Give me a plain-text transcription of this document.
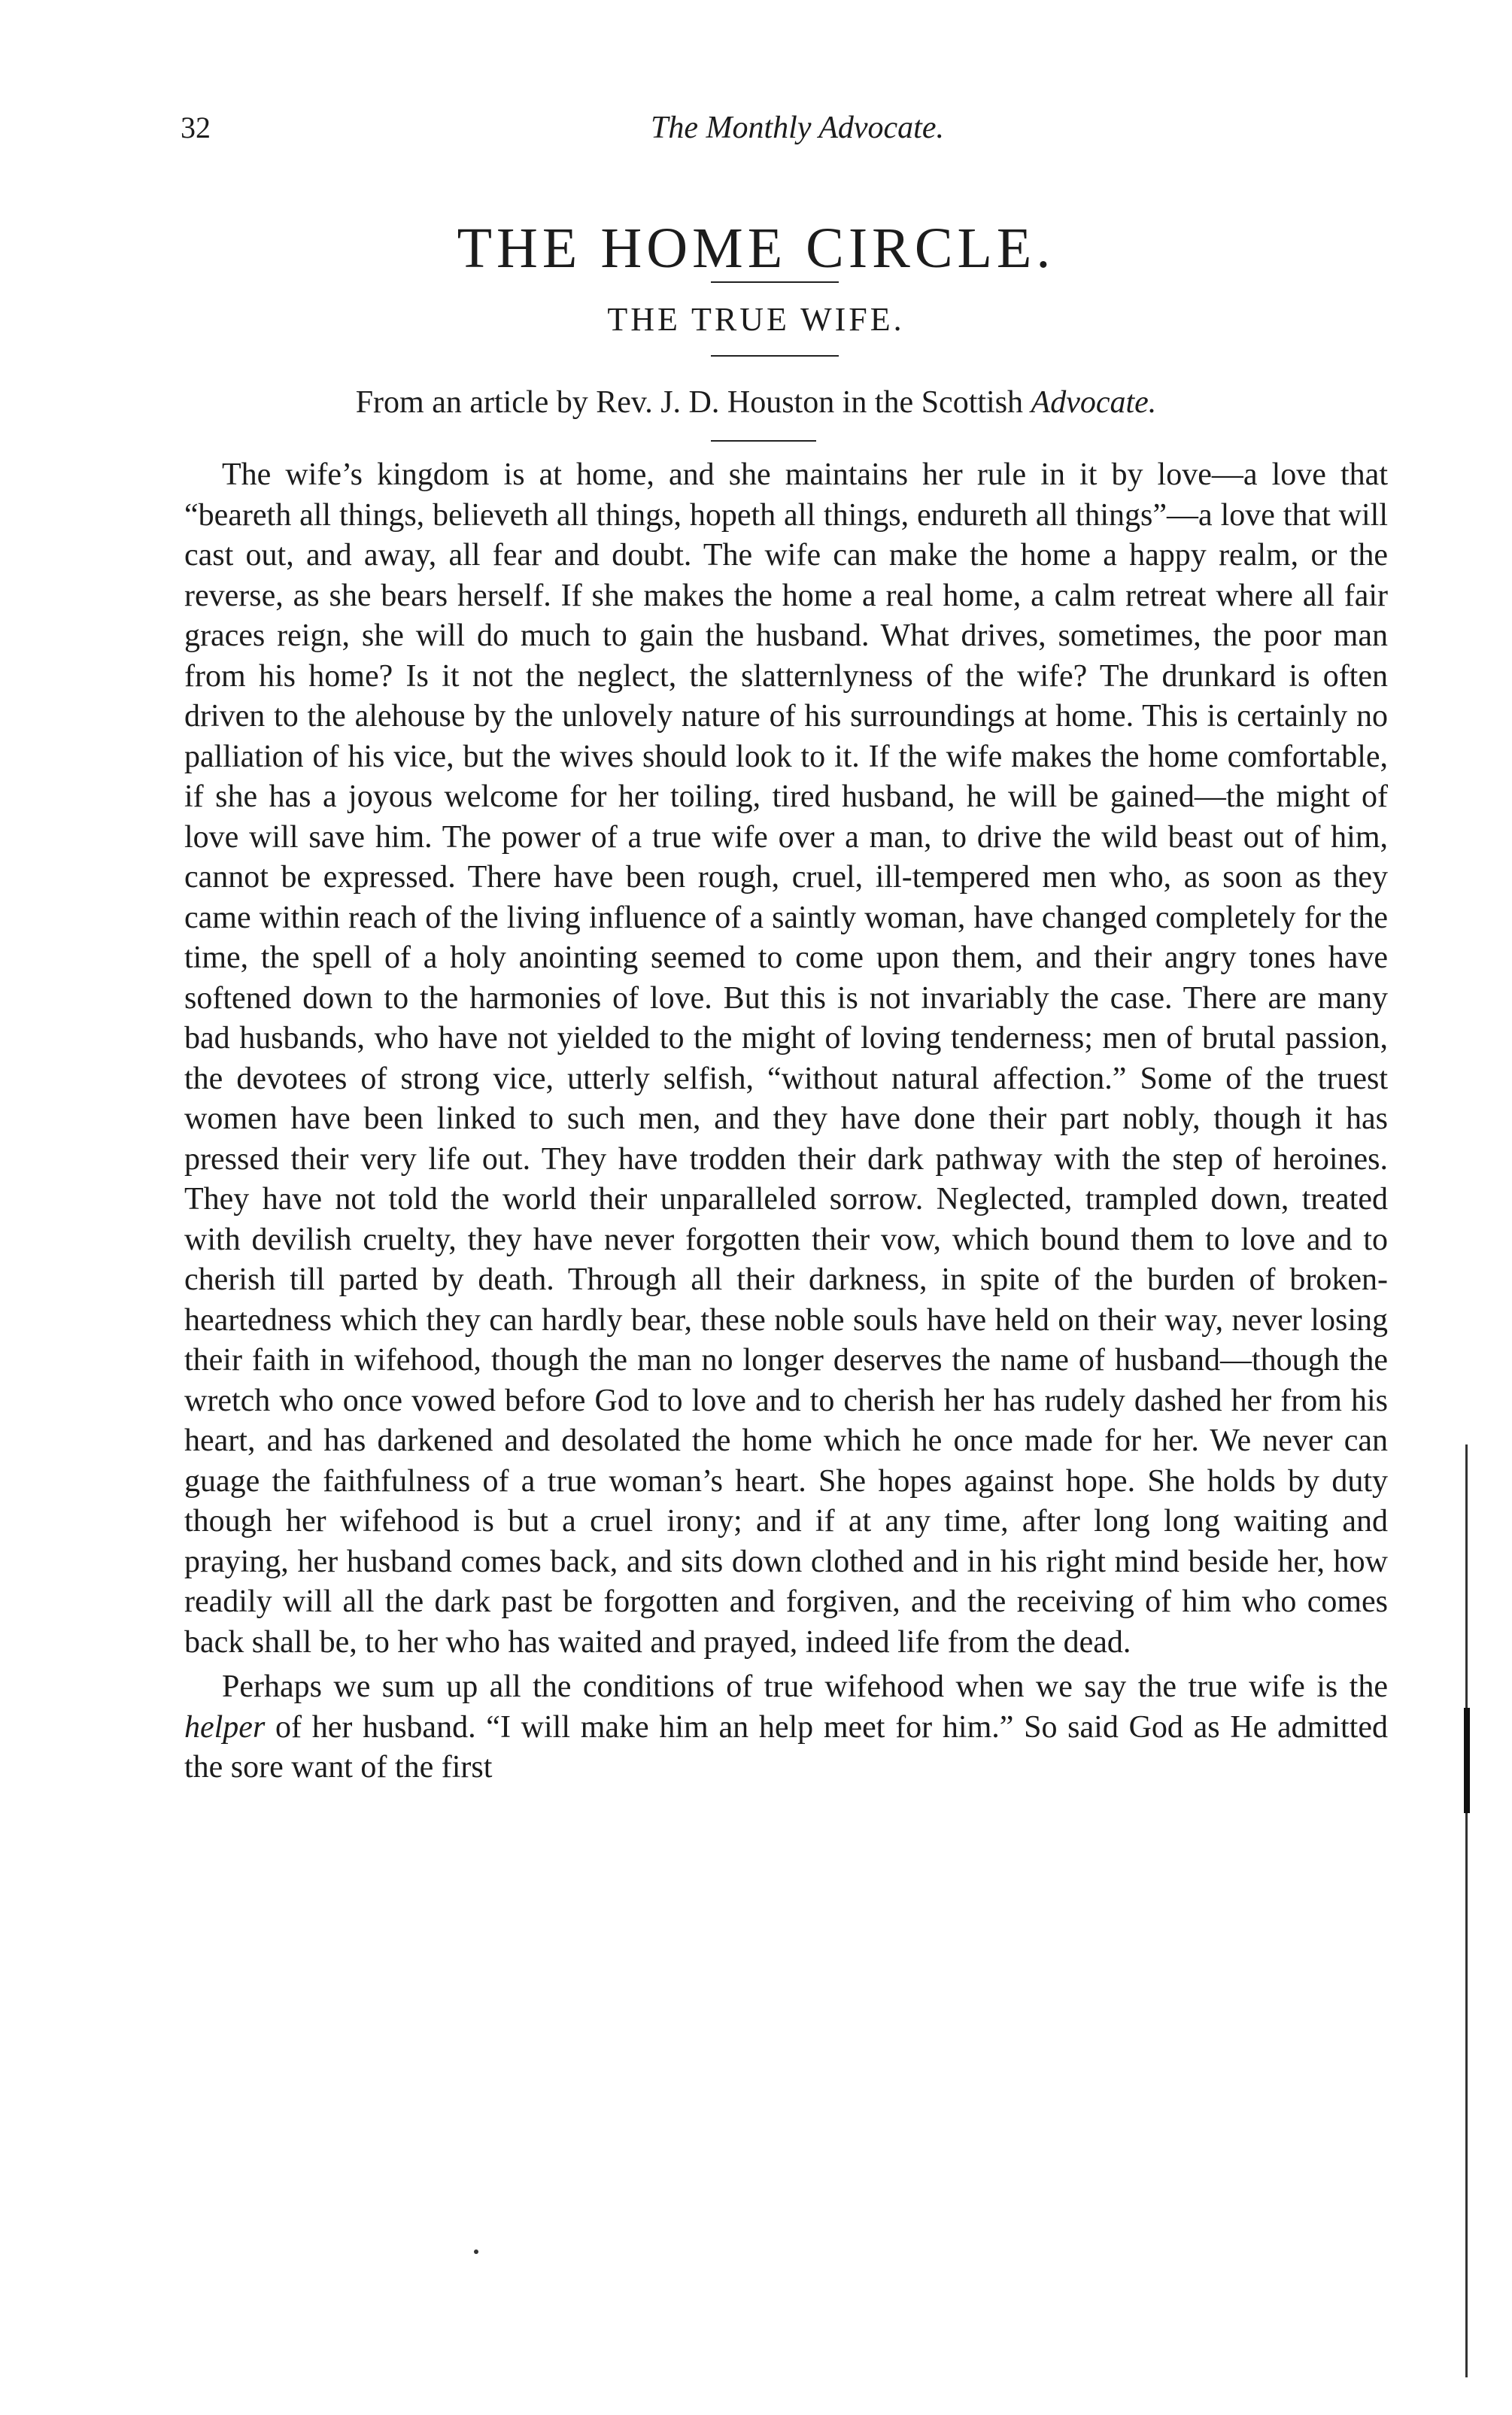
32	The Monthly Advocate.
THE HOME CIRCLE.
THE TRUE WIFE.
From an article by Rev. J. D. Houston in the Scottish Advocate.

The wife’s kingdom is at home, and she maintains her rule in it by love—a love that “beareth all things, believeth all things, hopeth all things, endureth all things”—a love that will cast out, and away, all fear and doubt. The wife can make the home a happy realm, or the reverse, as she bears herself. If she makes the home a real home, a calm retreat where all fair graces reign, she will do much to gain the husband. What drives, sometimes, the poor man from his home? Is it not the neglect, the slatternlyness of the wife? The drunkard is often driven to the alehouse by the unlovely nature of his surroundings at home. This is certainly no palliation of his vice, but the wives should look to it. If the wife makes the home comfortable, if she has a joyous welcome for her toiling, tired husband, he will be gained—the might of love will save him. The power of a true wife over a man, to drive the wild beast out of him, cannot be expressed. There have been rough, cruel, ill-tempered men who, as soon as they came within reach of the living influence of a saintly woman, have changed completely for the time, the spell of a holy anointing seemed to come upon them, and their angry tones have softened down to the harmonies of love. But this is not invariably the case. There are many bad husbands, who have not yielded to the might of loving tenderness; men of brutal passion, the devotees of strong vice, utterly selfish, “without natural affection.” Some of the truest women have been linked to such men, and they have done their part nobly, though it has pressed their very life out. They have trodden their dark pathway with the step of heroines. They have not told the world their unparalleled sorrow. Neglected, trampled down, treated with devilish cruelty, they have never forgotten their vow, which bound them to love and to cherish till parted by death. Through all their darkness, in spite of the burden of broken-heartedness which they can hardly bear, these noble souls have held on their way, never losing their faith in wifehood, though the man no longer deserves the name of husband—though the wretch who once vowed before God to love and to cherish her has rudely dashed her from his heart, and has darkened and desolated the home which he once made for her. We never can guage the faithfulness of a true woman’s heart. She hopes against hope. She holds by duty though her wifehood is but a cruel irony; and if at any time, after long long waiting and praying, her husband comes back, and sits down clothed and in his right mind beside her, how readily will all the dark past be forgotten and forgiven, and the receiving of him who comes back shall be, to her who has waited and prayed, indeed life from the dead.

Perhaps we sum up all the conditions of true wifehood when we say the true wife is the helper of her husband. “I will make him an help meet for him.” So said God as He admitted the sore want of the first
